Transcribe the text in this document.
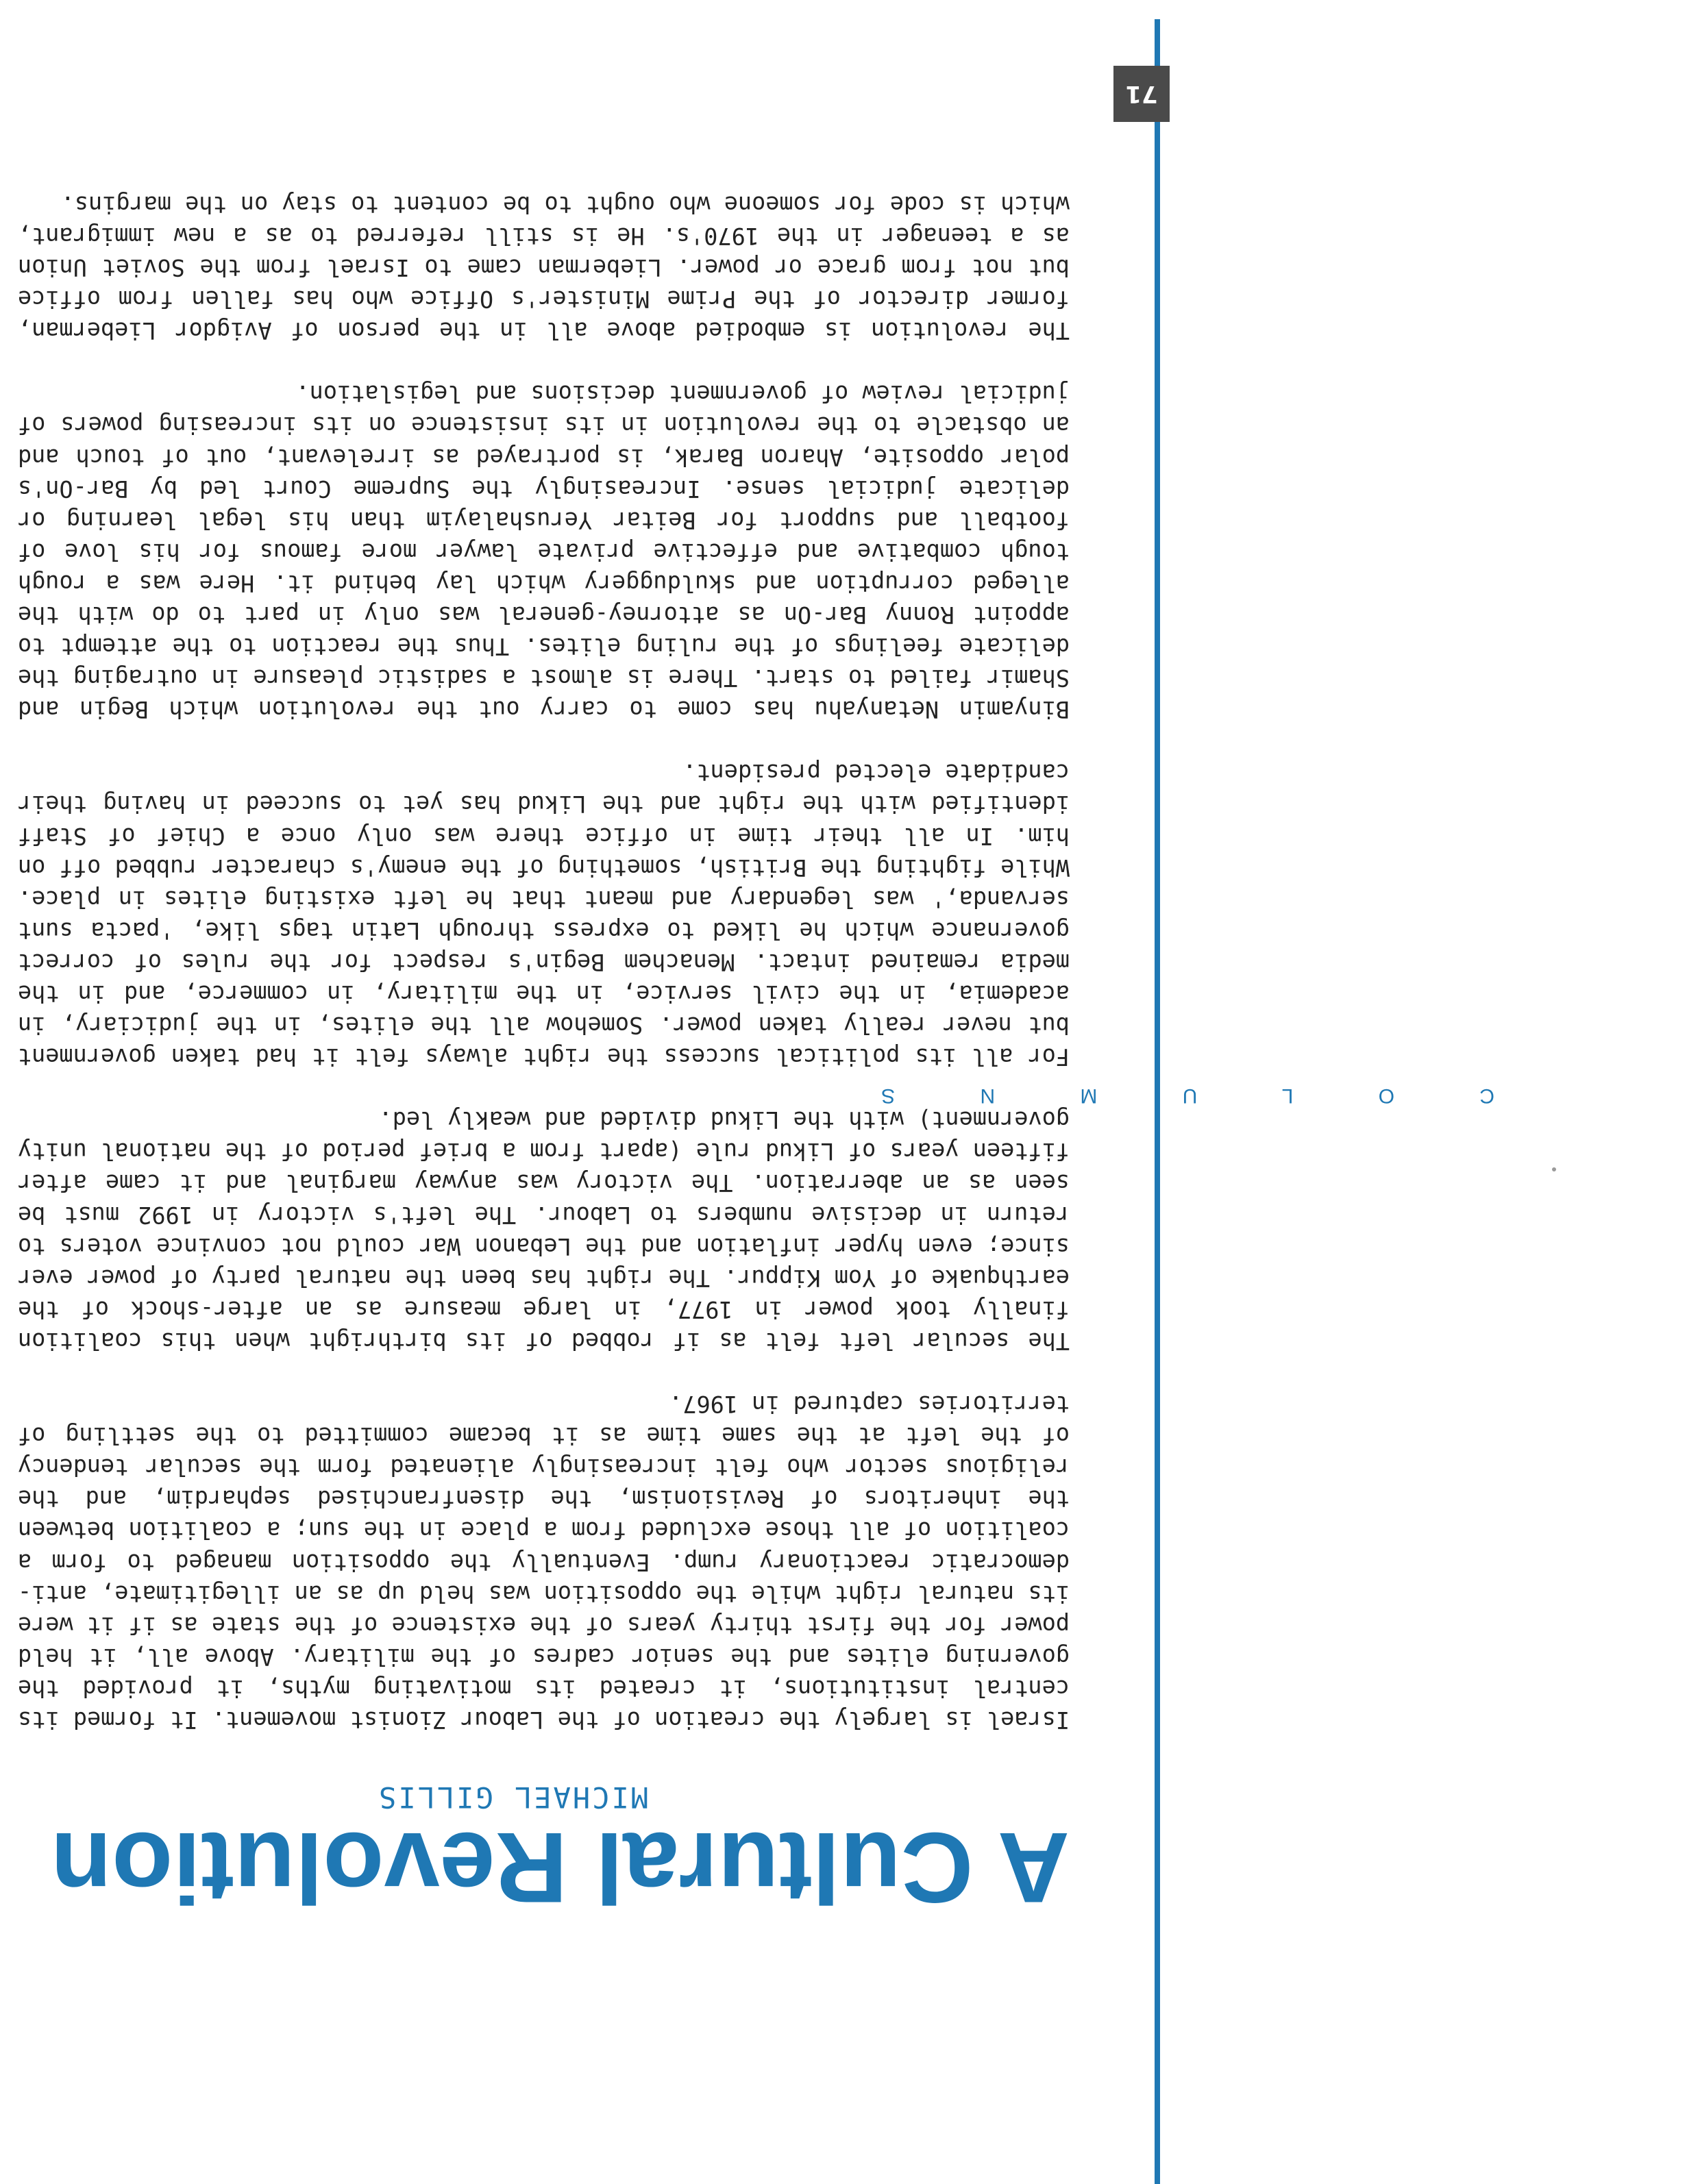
71
C O L U M N S
A Cultural Revolution
MICHAEL GILLIS

Israel is largely the creation of the Labour Zionist movement. It formed its central institutions, it created its motivating myths, it provided the governing elites and the senior cadres of the military. Above all, it held power for the first thirty years of the existence of the state as if it were its natural right while the opposition was held up as an illegitimate, anti-democratic reactionary rump. Eventually the opposition managed to form a coalition of all those excluded from a place in the sun; a coalition between the inheritors of Revisionism, the disenfranchised sephardim, and the religious sector who felt increasingly alienated form the secular tendency of the left at the same time as it became committed to the settling of territories captured in 1967.

The secular left felt as if robbed of its birthright when this coalition finally took power in 1977, in large measure as an after-shock of the earthquake of Yom Kippur. The right has been the natural party of power ever since; even hyper inflation and the Lebanon War could not convince voters to return in decisive numbers to Labour. The left's victory in 1992 must be seen as an aberration. The victory was anyway marginal and it came after fifteen years of Likud rule (apart from a brief period of the national unity government) with the Likud divided and weakly led.

For all its political success the right always felt it had taken government but never really taken power. Somehow all the elites, in the judiciary, in academia, in the civil service, in the military, in commerce, and in the media remained intact. Menachem Begin's respect for the rules of correct governance which he liked to express through Latin tags like, 'pacta sunt servanda,' was legendary and meant that he left existing elites in place. While fighting the British, something of the enemy's character rubbed off on him. In all their time in office there was only once a Chief of Staff identified with the right and the Likud has yet to succeed in having their candidate elected president.

Binyamin Netanyahu has come to carry out the revolution which Begin and Shamir failed to start. There is almost a sadistic pleasure in outraging the delicate feelings of the ruling elites. Thus the reaction to the attempt to appoint Ronny Bar-On as attorney-general was only in part to do with the alleged corruption and skulduggery which lay behind it. Here was a rough tough combative and effective private lawyer more famous for his love of football and support for Beitar Yerushalayim than his legal learning or delicate judicial sense. Increasingly the Supreme Court led by Bar-On's polar opposite, Aharon Barak, is portrayed as irrelevant, out of touch and an obstacle to the revolution in its insistence on its increasing powers of judicial review of government decisions and legislation.

The revolution is embodied above all in the person of Avigdor Lieberman, former director of the Prime Minister's Office who has fallen from office but not from grace or power. Lieberman came to Israel from the Soviet Union as a teenager in the 1970's. He is still referred to as a new immigrant, which is code for someone who ought to be content to stay on the margins.
